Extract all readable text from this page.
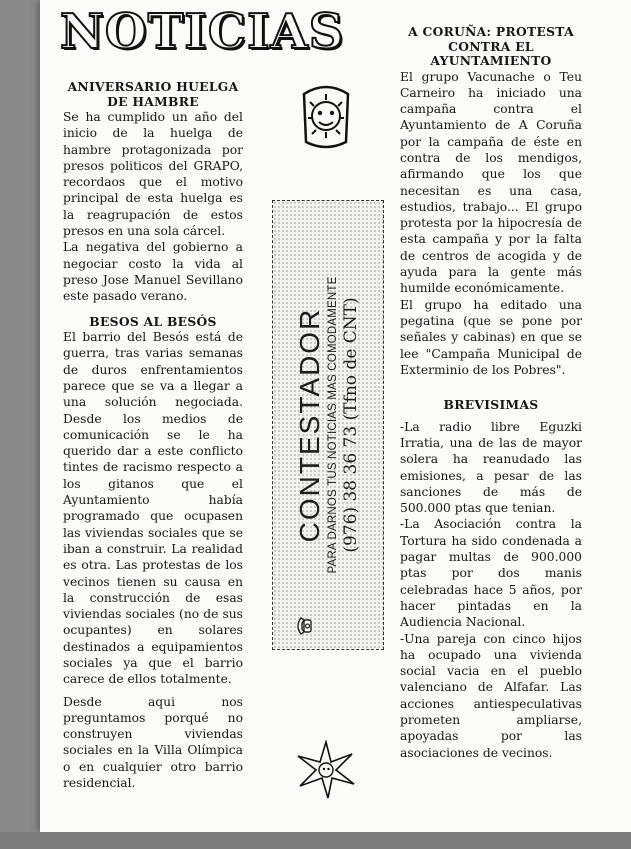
NOTICIAS
ANIVERSARIO HUELGA DE HAMBRE

Se ha cumplido un año del inicio de la huelga de hambre protagonizada por presos politicos del GRAPO, recordaos que el motivo principal de esta huelga es la reagrupación de estos presos en una sola cárcel.

La negativa del gobierno a negociar costo la vida al preso Jose Manuel Sevillano este pasado verano.

BESOS AL BESÓS

El barrio del Besós está de guerra, tras varias semanas de duros enfrentamientos parece que se va a llegar a una solución negociada. Desde los medios de comunicación se le ha querido dar a este conflicto tintes de racismo respecto a los gitanos que el Ayuntamiento había programado que ocupasen las viviendas sociales que se iban a construir. La realidad es otra. Las protestas de los vecinos tienen su causa en la construcción de esas viviendas sociales (no de sus ocupantes) en solares destinados a equipamientos sociales ya que el barrio carece de ellos totalmente.

Desde aqui nos preguntamos porqué no construyen viviendas sociales en la Villa Olímpica o en cualquier otro barrio residencial.

CONTESTADOR PARA DARNOS TUS NOTICIAS MAS COMODAMENTE (976) 38 36 73 (Tfno de CNT)
A CORUÑA: PROTESTA CONTRA EL AYUNTAMIENTO

El grupo Vacunache o Teu Carneiro ha iniciado una campaña contra el Ayuntamiento de A Coruña por la campaña de éste en contra de los mendigos, afirmando que los que necesitan es una casa, estudios, trabajo... El grupo protesta por la hipocresía de esta campaña y por la falta de centros de acogida y de ayuda para la gente más humilde económicamente.

El grupo ha editado una pegatina (que se pone por señales y cabinas) en que se lee "Campaña Municipal de Exterminio de los Pobres".

BREVISIMAS

-La radio libre Eguzki Irratia, una de las de mayor solera ha reanudado las emisiones, a pesar de las sanciones de más de 500.000 ptas que tenian.

-La Asociación contra la Tortura ha sido condenada a pagar multas de 900.000 ptas por dos manis celebradas hace 5 años, por hacer pintadas en la Audiencia Nacional.

-Una pareja con cinco hijos ha ocupado una vivienda social vacia en el pueblo valenciano de Alfafar. Las acciones antiespeculativas prometen ampliarse, apoyadas por las asociaciones de vecinos.
